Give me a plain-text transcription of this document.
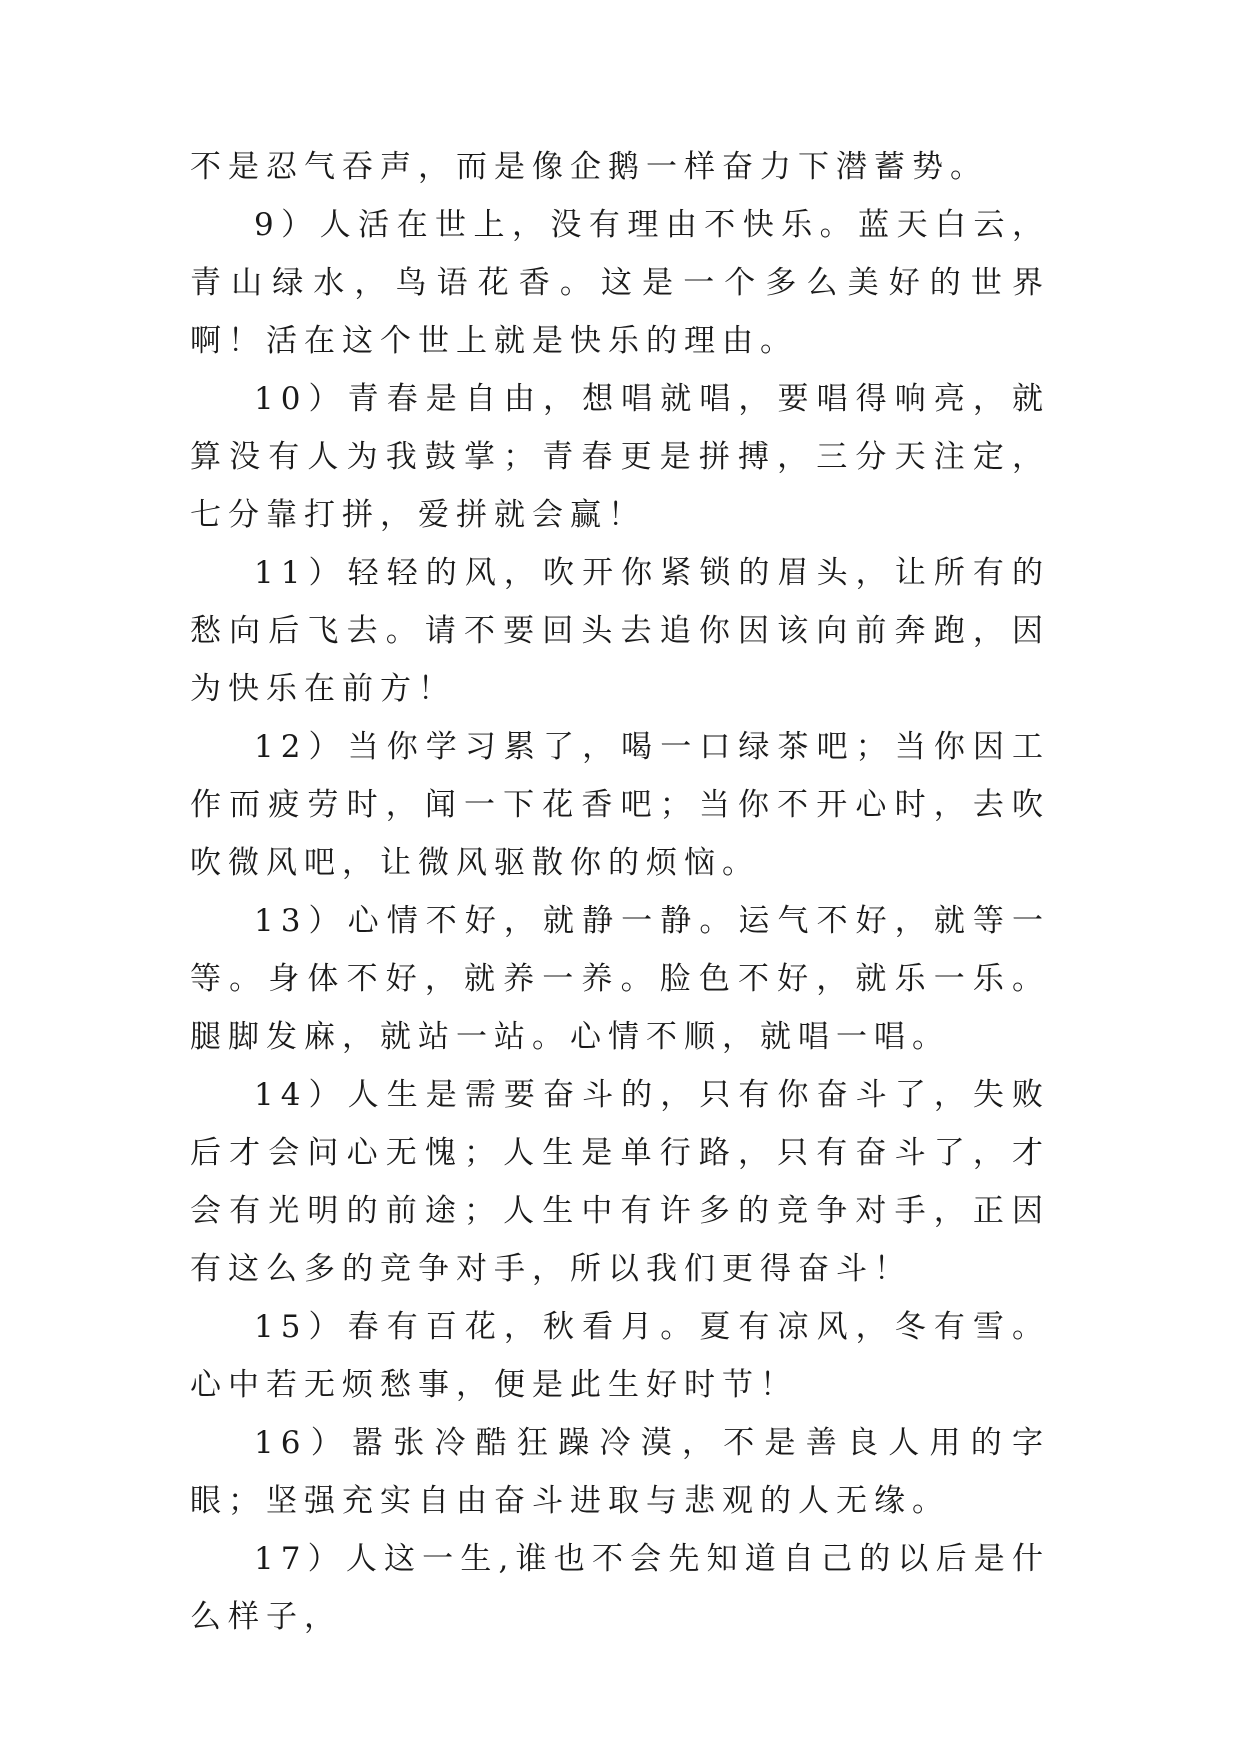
不是忍气吞声，而是像企鹅一样奋力下潜蓄势。

9）人活在世上，没有理由不快乐。蓝天白云，青山绿水，鸟语花香。这是一个多么美好的世界啊！活在这个世上就是快乐的理由。

10）青春是自由，想唱就唱，要唱得响亮，就算没有人为我鼓掌；青春更是拼搏，三分天注定，七分靠打拼，爱拼就会赢！

11）轻轻的风，吹开你紧锁的眉头，让所有的愁向后飞去。请不要回头去追你因该向前奔跑，因为快乐在前方！

12）当你学习累了，喝一口绿茶吧；当你因工作而疲劳时，闻一下花香吧；当你不开心时，去吹吹微风吧，让微风驱散你的烦恼。

13）心情不好，就静一静。运气不好，就等一等。身体不好，就养一养。脸色不好，就乐一乐。腿脚发麻，就站一站。心情不顺，就唱一唱。

14）人生是需要奋斗的，只有你奋斗了，失败后才会问心无愧；人生是单行路，只有奋斗了，才会有光明的前途；人生中有许多的竞争对手，正因有这么多的竞争对手，所以我们更得奋斗！

15）春有百花，秋看月。夏有凉风，冬有雪。心中若无烦愁事，便是此生好时节！

16）嚣张冷酷狂躁冷漠，不是善良人用的字眼；坚强充实自由奋斗进取与悲观的人无缘。

17）人这一生,谁也不会先知道自己的以后是什么样子，
